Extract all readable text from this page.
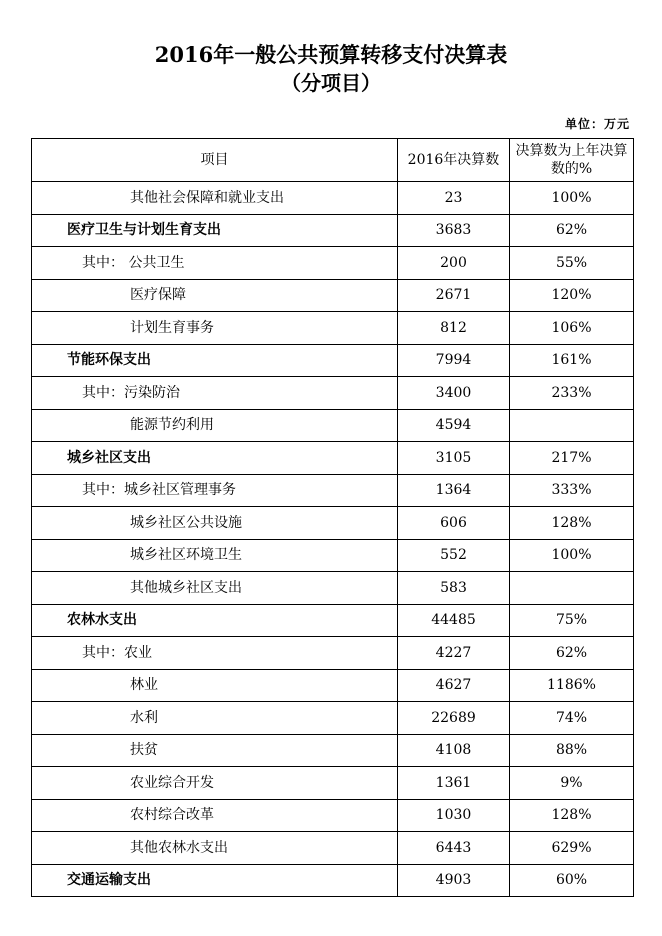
2016年一般公共预算转移支付决算表
（分项目）
单位：万元
项目	2016年决算数	决算数为上年决算数的%
其他社会保障和就业支出	23	100%
医疗卫生与计划生育支出	3683	62%
其中： 公共卫生	200	55%
医疗保障	2671	120%
计划生育事务	812	106%
节能环保支出	7994	161%
其中：污染防治	3400	233%
能源节约利用	4594	
城乡社区支出	3105	217%
其中：城乡社区管理事务	1364	333%
城乡社区公共设施	606	128%
城乡社区环境卫生	552	100%
其他城乡社区支出	583	
农林水支出	44485	75%
其中：农业	4227	62%
林业	4627	1186%
水利	22689	74%
扶贫	4108	88%
农业综合开发	1361	9%
农村综合改革	1030	128%
其他农林水支出	6443	629%
交通运输支出	4903	60%
